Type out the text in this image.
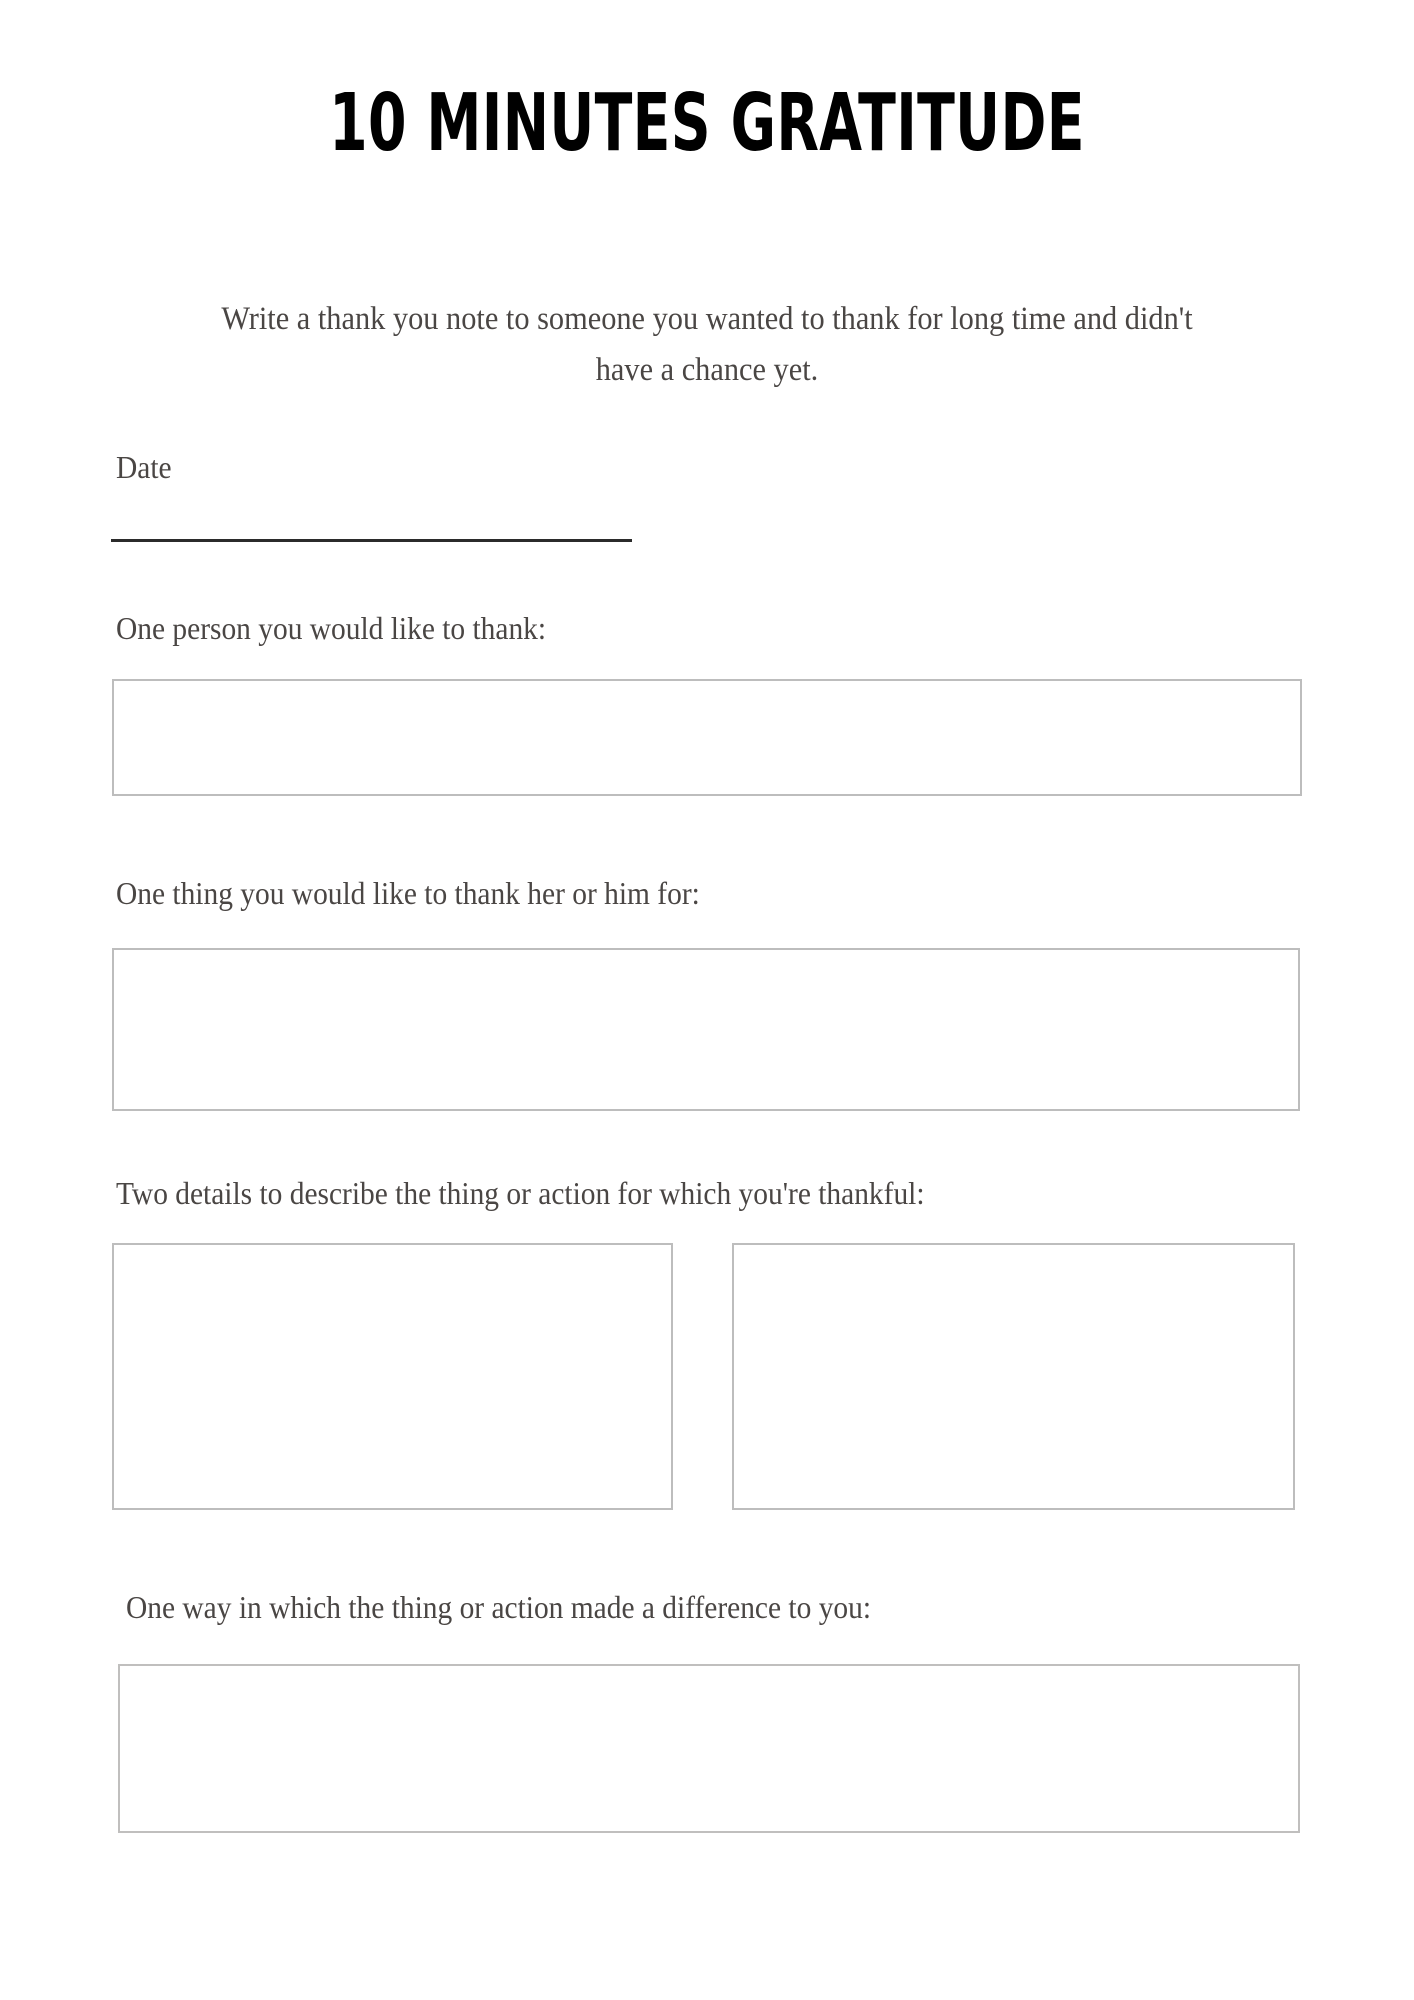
10 MINUTES GRATITUDE

Write a thank you note to someone you wanted to thank for long time and didn't have a chance yet.

Date
One person you would like to thank:
One thing you would like to thank her or him for:
Two details to describe the thing or action for which you're thankful:
One way in which the thing or action made a difference to you:
